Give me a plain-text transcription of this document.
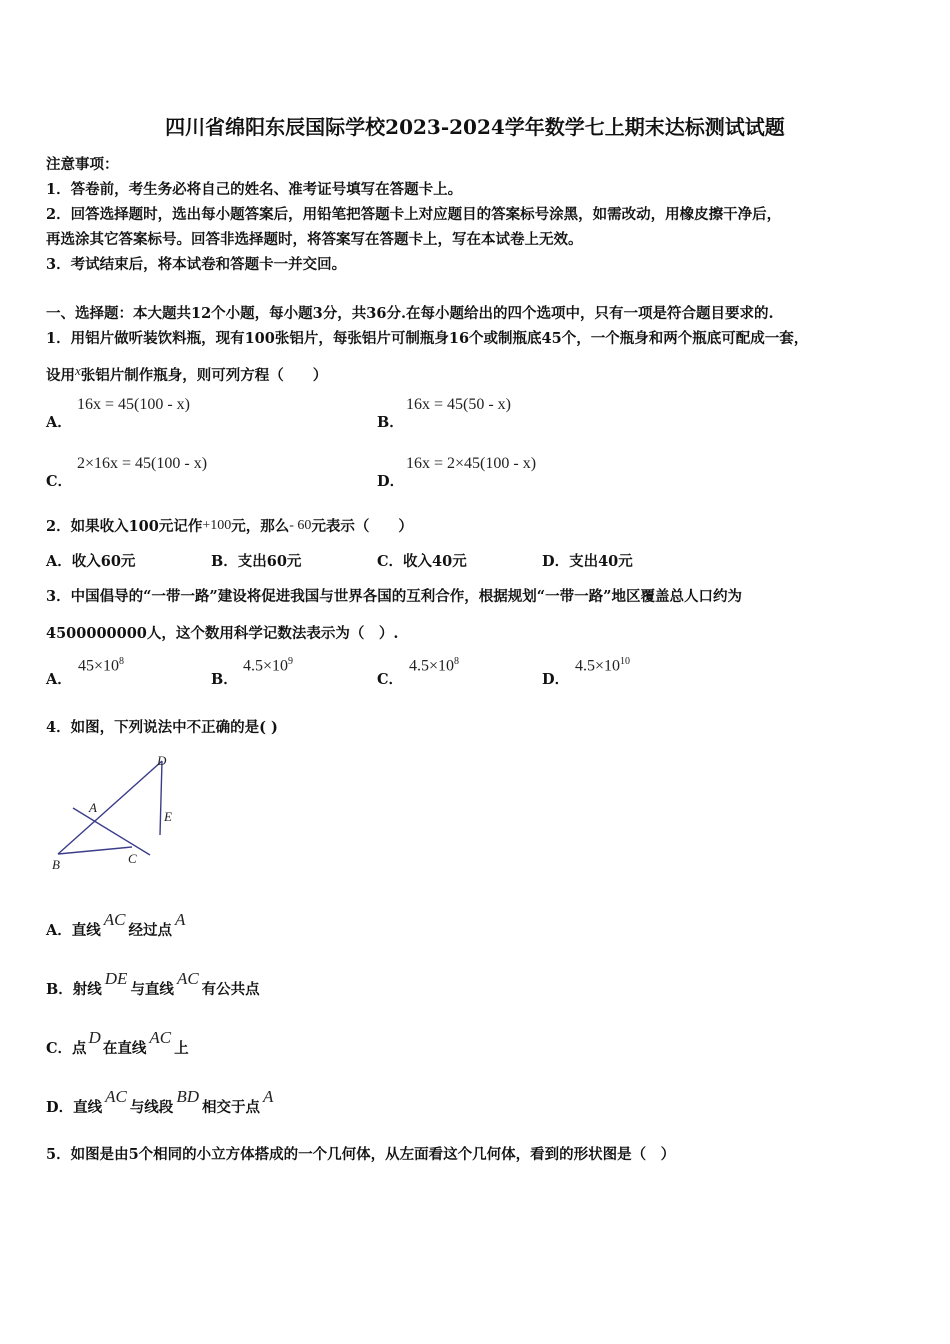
四川省绵阳东辰国际学校2023-2024学年数学七上期末达标测试试题
注意事项：
1．答卷前，考生务必将自己的姓名、准考证号填写在答题卡上。
2．回答选择题时，选出每小题答案后，用铅笔把答题卡上对应题目的答案标号涂黑，如需改动，用橡皮擦干净后，
再选涂其它答案标号。回答非选择题时，将答案写在答题卡上，写在本试卷上无效。
3．考试结束后，将本试卷和答题卡一并交回。
一、选择题：本大题共12个小题，每小题3分，共36分.在每小题给出的四个选项中，只有一项是符合题目要求的.
1．用铝片做听装饮料瓶，现有100张铝片，每张铝片可制瓶身16个或制瓶底45个，一个瓶身和两个瓶底可配成一套，
设用x张铝片制作瓶身，则可列方程（　　）
A．
16x = 45(100 - x)
B．
16x = 45(50 - x)
C．
2×16x = 45(100 - x)
D．
16x = 2×45(100 - x)
2．如果收入100元记作+100元，那么- 60元表示（　　）
A．收入60元	B．支出60元	C．收入40元	D．支出40元
3．中国倡导的“一带一路”建设将促进我国与世界各国的互利合作，根据规划“一带一路”地区覆盖总人口约为
4500000000人，这个数用科学记数法表示为（　）.
A．
$45\times 10^8$
B．
$4.5\times 10^9$
C．
$4.5\times 10^8$
D．
$4.5\times 10^{10}$
4．如图，下列说法中不正确的是( )
D
A
E
B	C
A．直线AC经过点A
B．射线DE与直线AC有公共点
C．点D在直线AC上
D．直线AC与线段BD相交于点A
5．如图是由5个相同的小立方体搭成的一个几何体，从左面看这个几何体，看到的形状图是（　）
